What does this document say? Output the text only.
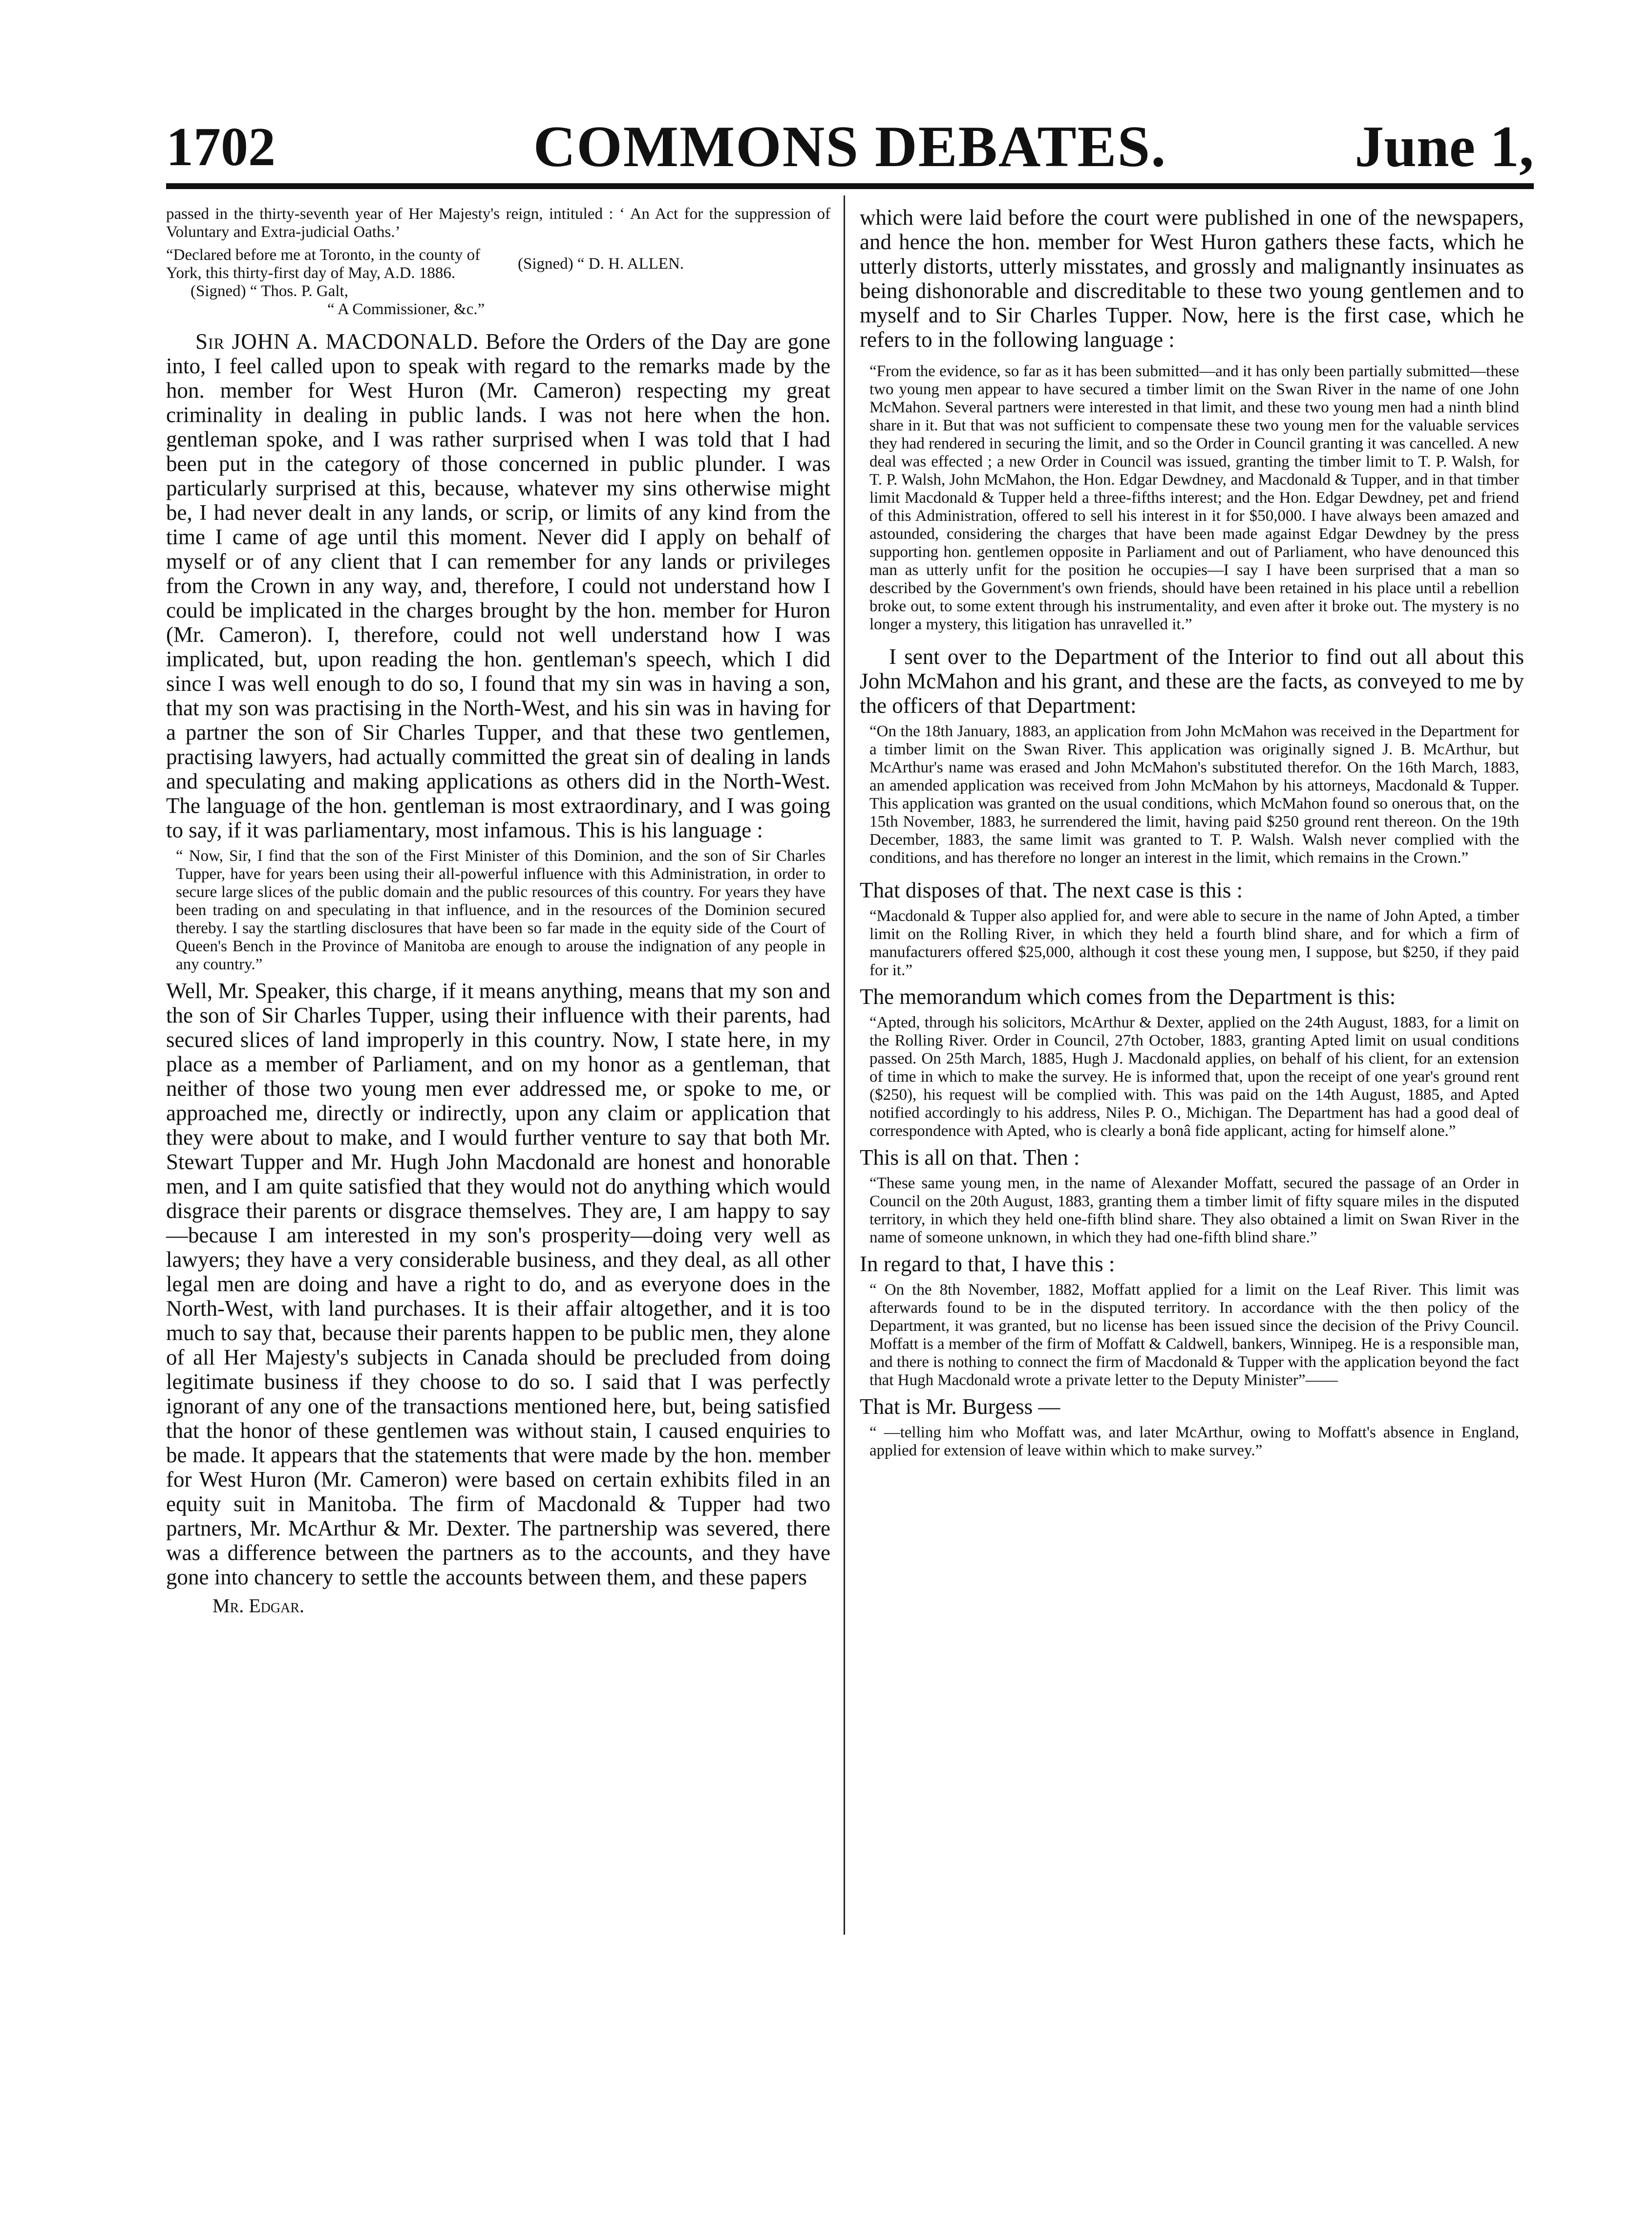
1702	COMMONS DEBATES.	June 1,

passed in the thirty-seventh year of Her Majesty's reign, intituled : ‘ An Act for the suppression of Voluntary and Extra-judicial Oaths.’

“Declared before me at Toronto, in the county of York, this thirty-first day of May, A.D. 1886.
(Signed) “ D. H. ALLEN.
(Signed) “ Thos. P. Galt,
“ A Commissioner, &c.”

Sir JOHN A. MACDONALD. Before the Orders of the Day are gone into, I feel called upon to speak with regard to the remarks made by the hon. member for West Huron (Mr. Cameron) respecting my great criminality in dealing in public lands. I was not here when the hon. gentleman spoke, and I was rather surprised when I was told that I had been put in the category of those concerned in public plunder. I was particularly surprised at this, because, whatever my sins otherwise might be, I had never dealt in any lands, or scrip, or limits of any kind from the time I came of age until this moment. Never did I apply on behalf of myself or of any client that I can remember for any lands or privileges from the Crown in any way, and, therefore, I could not understand how I could be implicated in the charges brought by the hon. member for Huron (Mr. Cameron). I, therefore, could not well understand how I was implicated, but, upon reading the hon. gentleman's speech, which I did since I was well enough to do so, I found that my sin was in having a son, that my son was practising in the North-West, and his sin was in having for a partner the son of Sir Charles Tupper, and that these two gentlemen, practising lawyers, had actually committed the great sin of dealing in lands and speculating and making applications as others did in the North-West. The language of the hon. gentleman is most extraordinary, and I was going to say, if it was parliamentary, most infamous. This is his language :

“ Now, Sir, I find that the son of the First Minister of this Dominion, and the son of Sir Charles Tupper, have for years been using their all-powerful influence with this Administration, in order to secure large slices of the public domain and the public resources of this country. For years they have been trading on and speculating in that influence, and in the resources of the Dominion secured thereby. I say the startling disclosures that have been so far made in the equity side of the Court of Queen's Bench in the Province of Manitoba are enough to arouse the indignation of any people in any country.”

Well, Mr. Speaker, this charge, if it means anything, means that my son and the son of Sir Charles Tupper, using their influence with their parents, had secured slices of land improperly in this country. Now, I state here, in my place as a member of Parliament, and on my honor as a gentleman, that neither of those two young men ever addressed me, or spoke to me, or approached me, directly or indirectly, upon any claim or application that they were about to make, and I would further venture to say that both Mr. Stewart Tupper and Mr. Hugh John Macdonald are honest and honorable men, and I am quite satisfied that they would not do anything which would disgrace their parents or disgrace themselves. They are, I am happy to say—because I am interested in my son's prosperity—doing very well as lawyers; they have a very considerable business, and they deal, as all other legal men are doing and have a right to do, and as everyone does in the North-West, with land purchases. It is their affair altogether, and it is too much to say that, because their parents happen to be public men, they alone of all Her Majesty's subjects in Canada should be precluded from doing legitimate business if they choose to do so. I said that I was perfectly ignorant of any one of the transactions mentioned here, but, being satisfied that the honor of these gentlemen was without stain, I caused enquiries to be made. It appears that the statements that were made by the hon. member for West Huron (Mr. Cameron) were based on certain exhibits filed in an equity suit in Manitoba. The firm of Macdonald & Tupper had two partners, Mr. McArthur & Mr. Dexter. The partnership was severed, there was a difference between the partners as to the accounts, and they have gone into chancery to settle the accounts between them, and these papers

Mr. Edgar.

which were laid before the court were published in one of the newspapers, and hence the hon. member for West Huron gathers these facts, which he utterly distorts, utterly misstates, and grossly and malignantly insinuates as being dishonorable and discreditable to these two young gentlemen and to myself and to Sir Charles Tupper. Now, here is the first case, which he refers to in the following language :

“From the evidence, so far as it has been submitted—and it has only been partially submitted—these two young men appear to have secured a timber limit on the Swan River in the name of one John McMahon. Several partners were interested in that limit, and these two young men had a ninth blind share in it. But that was not sufficient to compensate these two young men for the valuable services they had rendered in securing the limit, and so the Order in Council granting it was cancelled. A new deal was effected ; a new Order in Council was issued, granting the timber limit to T. P. Walsh, for T. P. Walsh, John McMahon, the Hon. Edgar Dewdney, and Macdonald & Tupper, and in that timber limit Macdonald & Tupper held a three-fifths interest; and the Hon. Edgar Dewdney, pet and friend of this Administration, offered to sell his interest in it for $50,000. I have always been amazed and astounded, considering the charges that have been made against Edgar Dewdney by the press supporting hon. gentlemen opposite in Parliament and out of Parliament, who have denounced this man as utterly unfit for the position he occupies—I say I have been surprised that a man so described by the Government's own friends, should have been retained in his place until a rebellion broke out, to some extent through his instrumentality, and even after it broke out. The mystery is no longer a mystery, this litigation has unravelled it.”

I sent over to the Department of the Interior to find out all about this John McMahon and his grant, and these are the facts, as conveyed to me by the officers of that Department:

“On the 18th January, 1883, an application from John McMahon was received in the Department for a timber limit on the Swan River. This application was originally signed J. B. McArthur, but McArthur's name was erased and John McMahon's substituted therefor. On the 16th March, 1883, an amended application was received from John McMahon by his attorneys, Macdonald & Tupper. This application was granted on the usual conditions, which McMahon found so onerous that, on the 15th November, 1883, he surrendered the limit, having paid $250 ground rent thereon. On the 19th December, 1883, the same limit was granted to T. P. Walsh. Walsh never complied with the conditions, and has therefore no longer an interest in the limit, which remains in the Crown.”

That disposes of that. The next case is this :

“Macdonald & Tupper also applied for, and were able to secure in the name of John Apted, a timber limit on the Rolling River, in which they held a fourth blind share, and for which a firm of manufacturers offered $25,000, although it cost these young men, I suppose, but $250, if they paid for it.”

The memorandum which comes from the Department is this:

“Apted, through his solicitors, McArthur & Dexter, applied on the 24th August, 1883, for a limit on the Rolling River. Order in Council, 27th October, 1883, granting Apted limit on usual conditions passed. On 25th March, 1885, Hugh J. Macdonald applies, on behalf of his client, for an extension of time in which to make the survey. He is informed that, upon the receipt of one year's ground rent ($250), his request will be complied with. This was paid on the 14th August, 1885, and Apted notified accordingly to his address, Niles P. O., Michigan. The Department has had a good deal of correspondence with Apted, who is clearly a bonâ fide applicant, acting for himself alone.”

This is all on that. Then :

“These same young men, in the name of Alexander Moffatt, secured the passage of an Order in Council on the 20th August, 1883, granting them a timber limit of fifty square miles in the disputed territory, in which they held one-fifth blind share. They also obtained a limit on Swan River in the name of someone unknown, in which they had one-fifth blind share.”

In regard to that, I have this :

“ On the 8th November, 1882, Moffatt applied for a limit on the Leaf River. This limit was afterwards found to be in the disputed territory. In accordance with the then policy of the Department, it was granted, but no license has been issued since the decision of the Privy Council. Moffatt is a member of the firm of Moffatt & Caldwell, bankers, Winnipeg. He is a responsible man, and there is nothing to connect the firm of Macdonald & Tupper with the application beyond the fact that Hugh Macdonald wrote a private letter to the Deputy Minister”——

That is Mr. Burgess —

“ —telling him who Moffatt was, and later McArthur, owing to Moffatt's absence in England, applied for extension of leave within which to make survey.”
